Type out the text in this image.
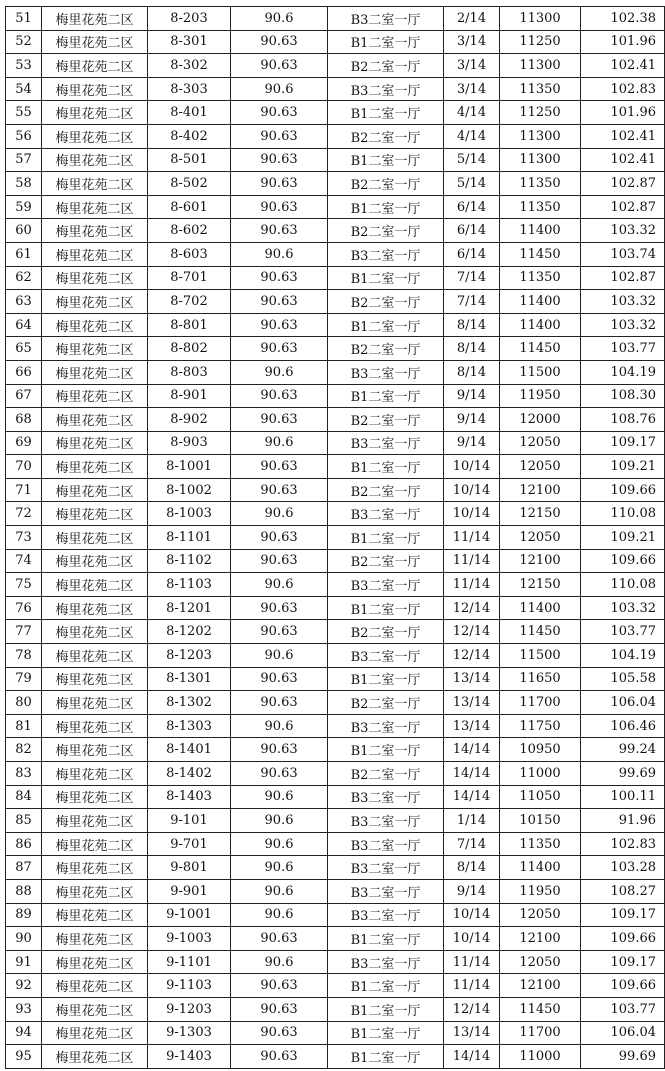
51	梅里花苑二区	8-203	90.6	B3二室一厅	2/14	11300	102.38
52	梅里花苑二区	8-301	90.63	B1二室一厅	3/14	11250	101.96
53	梅里花苑二区	8-302	90.63	B2二室一厅	3/14	11300	102.41
54	梅里花苑二区	8-303	90.6	B3二室一厅	3/14	11350	102.83
55	梅里花苑二区	8-401	90.63	B1二室一厅	4/14	11250	101.96
56	梅里花苑二区	8-402	90.63	B2二室一厅	4/14	11300	102.41
57	梅里花苑二区	8-501	90.63	B1二室一厅	5/14	11300	102.41
58	梅里花苑二区	8-502	90.63	B2二室一厅	5/14	11350	102.87
59	梅里花苑二区	8-601	90.63	B1二室一厅	6/14	11350	102.87
60	梅里花苑二区	8-602	90.63	B2二室一厅	6/14	11400	103.32
61	梅里花苑二区	8-603	90.6	B3二室一厅	6/14	11450	103.74
62	梅里花苑二区	8-701	90.63	B1二室一厅	7/14	11350	102.87
63	梅里花苑二区	8-702	90.63	B2二室一厅	7/14	11400	103.32
64	梅里花苑二区	8-801	90.63	B1二室一厅	8/14	11400	103.32
65	梅里花苑二区	8-802	90.63	B2二室一厅	8/14	11450	103.77
66	梅里花苑二区	8-803	90.6	B3二室一厅	8/14	11500	104.19
67	梅里花苑二区	8-901	90.63	B1二室一厅	9/14	11950	108.30
68	梅里花苑二区	8-902	90.63	B2二室一厅	9/14	12000	108.76
69	梅里花苑二区	8-903	90.6	B3二室一厅	9/14	12050	109.17
70	梅里花苑二区	8-1001	90.63	B1二室一厅	10/14	12050	109.21
71	梅里花苑二区	8-1002	90.63	B2二室一厅	10/14	12100	109.66
72	梅里花苑二区	8-1003	90.6	B3二室一厅	10/14	12150	110.08
73	梅里花苑二区	8-1101	90.63	B1二室一厅	11/14	12050	109.21
74	梅里花苑二区	8-1102	90.63	B2二室一厅	11/14	12100	109.66
75	梅里花苑二区	8-1103	90.6	B3二室一厅	11/14	12150	110.08
76	梅里花苑二区	8-1201	90.63	B1二室一厅	12/14	11400	103.32
77	梅里花苑二区	8-1202	90.63	B2二室一厅	12/14	11450	103.77
78	梅里花苑二区	8-1203	90.6	B3二室一厅	12/14	11500	104.19
79	梅里花苑二区	8-1301	90.63	B1二室一厅	13/14	11650	105.58
80	梅里花苑二区	8-1302	90.63	B2二室一厅	13/14	11700	106.04
81	梅里花苑二区	8-1303	90.6	B3二室一厅	13/14	11750	106.46
82	梅里花苑二区	8-1401	90.63	B1二室一厅	14/14	10950	99.24
83	梅里花苑二区	8-1402	90.63	B2二室一厅	14/14	11000	99.69
84	梅里花苑二区	8-1403	90.6	B3二室一厅	14/14	11050	100.11
85	梅里花苑二区	9-101	90.6	B3二室一厅	1/14	10150	91.96
86	梅里花苑二区	9-701	90.6	B3二室一厅	7/14	11350	102.83
87	梅里花苑二区	9-801	90.6	B3二室一厅	8/14	11400	103.28
88	梅里花苑二区	9-901	90.6	B3二室一厅	9/14	11950	108.27
89	梅里花苑二区	9-1001	90.6	B3二室一厅	10/14	12050	109.17
90	梅里花苑二区	9-1003	90.63	B1二室一厅	10/14	12100	109.66
91	梅里花苑二区	9-1101	90.6	B3二室一厅	11/14	12050	109.17
92	梅里花苑二区	9-1103	90.63	B1二室一厅	11/14	12100	109.66
93	梅里花苑二区	9-1203	90.63	B1二室一厅	12/14	11450	103.77
94	梅里花苑二区	9-1303	90.63	B1二室一厅	13/14	11700	106.04
95	梅里花苑二区	9-1403	90.63	B1二室一厅	14/14	11000	99.69
